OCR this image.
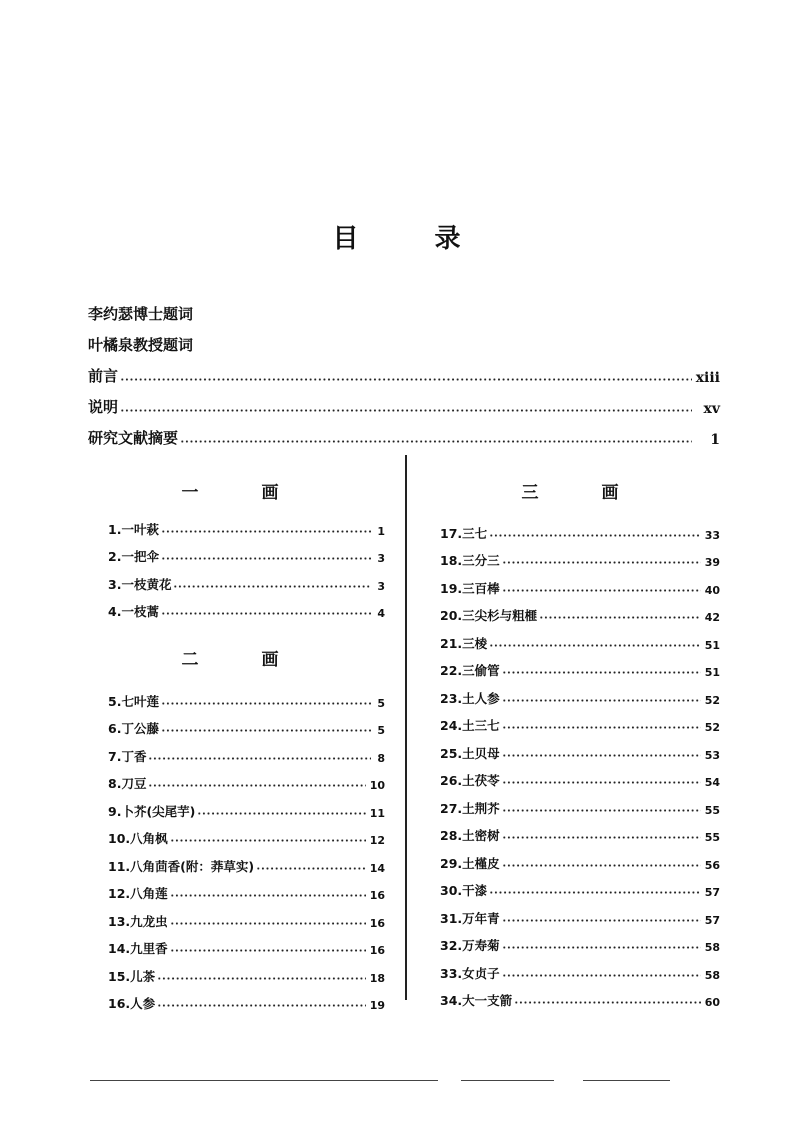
目	录
李约瑟博士题词
叶橘泉教授题词
前言	xiii
说明	xv
研究文献摘要	1
一	画
1.一叶萩	1
2.一把伞	3
3.一枝黄花	3
4.一枝蒿	4
二	画
5.七叶莲	5
6.丁公藤	5
7.丁香	8
8.刀豆	10
9.卜芥(尖尾芋)	11
10.八角枫	12
11.八角茴香(附：莽草实)	14
12.八角莲	16
13.九龙虫	16
14.九里香	16
15.儿茶	18
16.人参	19
三	画
17.三七	33
18.三分三	39
19.三百棒	40
20.三尖杉与粗榧	42
21.三棱	51
22.三偷管	51
23.土人参	52
24.土三七	52
25.土贝母	53
26.土茯苓	54
27.土荆芥	55
28.土密树	55
29.土槿皮	56
30.干漆	57
31.万年青	57
32.万寿菊	58
33.女贞子	58
34.大一支箭	60
